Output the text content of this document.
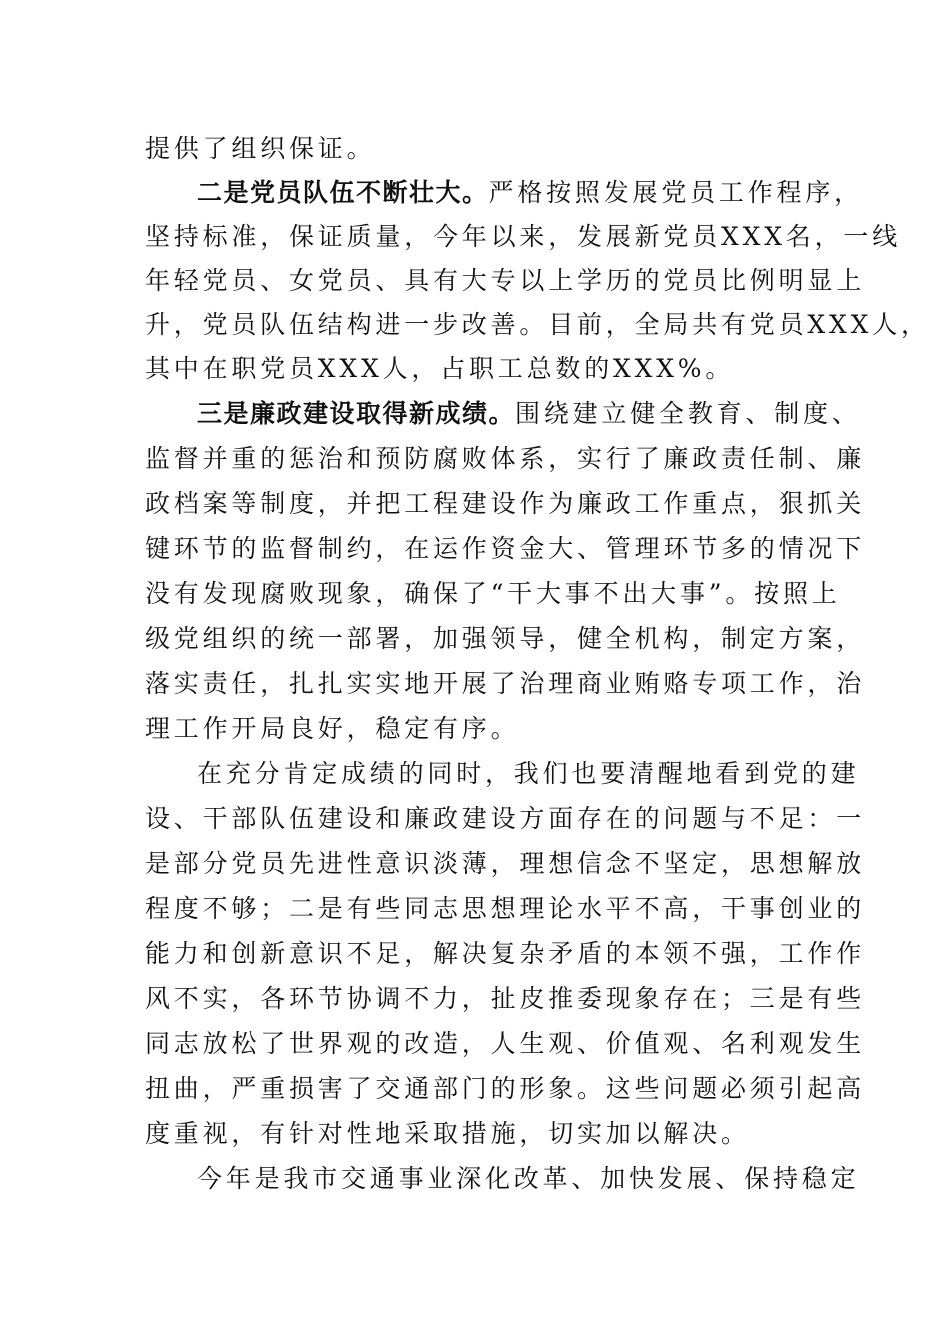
提供了组织保证。
二是党员队伍不断壮大。严格按照发展党员工作程序，
坚持标准，保证质量，今年以来，发展新党员XXX名，一线
年轻党员、女党员、具有大专以上学历的党员比例明显上
升，党员队伍结构进一步改善。目前，全局共有党员XXX人，
其中在职党员XXX人，占职工总数的XXX%。
三是廉政建设取得新成绩。围绕建立健全教育、制度、
监督并重的惩治和预防腐败体系，实行了廉政责任制、廉
政档案等制度，并把工程建设作为廉政工作重点，狠抓关
键环节的监督制约，在运作资金大、管理环节多的情况下
没有发现腐败现象，确保了“干大事不出大事”。按照上
级党组织的统一部署，加强领导，健全机构，制定方案，
落实责任，扎扎实实地开展了治理商业贿赂专项工作，治
理工作开局良好，稳定有序。
在充分肯定成绩的同时，我们也要清醒地看到党的建
设、干部队伍建设和廉政建设方面存在的问题与不足：一
是部分党员先进性意识淡薄，理想信念不坚定，思想解放
程度不够；二是有些同志思想理论水平不高，干事创业的
能力和创新意识不足，解决复杂矛盾的本领不强，工作作
风不实，各环节协调不力，扯皮推委现象存在；三是有些
同志放松了世界观的改造，人生观、价值观、名利观发生
扭曲，严重损害了交通部门的形象。这些问题必须引起高
度重视，有针对性地采取措施，切实加以解决。
今年是我市交通事业深化改革、加快发展、保持稳定
